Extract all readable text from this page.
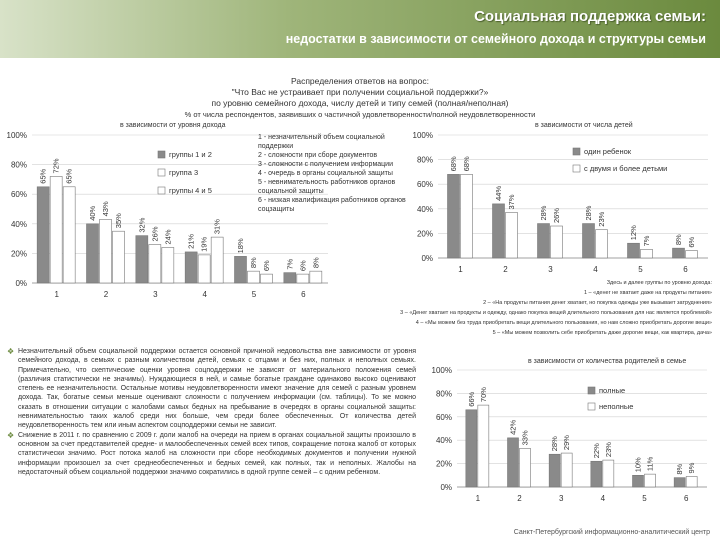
Социальная поддержка семьи:
недостатки в зависимости от семейного дохода и структуры семьи
Распределения ответов на вопрос:
"Что Вас не устраивает при получении социальной поддержки?»
по уровню семейного дохода, числу детей и типу семей (полная/неполная)
% от числа респондентов, заявивших о частичной удовлетворенности/полной неудовлетворенности
в зависимости от уровня дохода	в зависимости от числа детей
в зависимости от количества родителей в семье
0%
20%
40%
60%
80%
100%
65%
72%
65%
1
40% 43%
35%
2
32%
26% 24%
3
21% 19%
31%
4
18%
8% 6%
5
7% 6% 8%
6
группы 1 и 2
группа 3
группы 4 и 5
0%
20%
40%
60%
80%
100%
68% 68%
1
44%
37%
2
28% 26%
3
28% 23%
4
12%
7%
5
8% 6%
6
один ребенок
с двумя и более детьми
0%
20%
40%
60%
80%
100%
66% 70%
1
42%
33%
2
28% 29%
3
22% 23%
4
10% 11%
5
8% 9%
6
полные
неполные
1 - незначительный объем социальной поддержки
2 - сложности при сборе документов
3 - сложности с получением информации
4 - очередь в органы социальной защиты
5 - невнимательность работников органов социальной защиты
6 - низкая квалификация работников органов соцзащиты
Здесь и далее группы по уровню дохода:
1 – «денег не хватает даже на продукты питания»
2 – «На продукты питания денег хватает, но покупка одежды уже вызывает затруднения»
3 – «Денег хватает на продукты и одежду, однако покупка вещей длительного пользования для нас является проблемой»
4 – «Мы можем без труда приобретать вещи длительного пользования, но нам сложно приобретать дорогие вещи»
5 – «Мы можем позволить себе приобретать даже дорогие вещи, как квартира, дача»

❖ Незначительный объем социальной поддержки остается основной причиной недовольства вне зависимости от уровня семейного дохода, в семьях с разным количеством детей, семьях с отцами и без них, полных и неполных семьях. Примечательно, что скептические оценки уровня соцподдержки не зависят от материального положения семей (различия статистически не значимы). Нуждающиеся в ней, и самые богатые граждане одинаково высоко оценивают степень ее незначительности. Остальные мотивы неудовлетворенности имеют значение для семей с разным уровнем дохода. Так, богатые семьи меньше оценивают сложности с получением информации (см. таблицы). То же можно сказать в отношении ситуации с жалобами самых бедных на пребывание в очередях в органы социальной защиты: невнимательностью таких жалоб среди них больше, чем среди более обеспеченных. От количества детей неудовлетворенность тем или иным аспектом соцподдержки семьи не зависит.

❖ Снижение в 2011 г. по сравнению с 2009 г. доли жалоб на очереди на прием в органах социальной защиты произошло в основном за счет представителей средне- и малообеспеченных семей всех типов, сокращение потока жалоб от которых статистически значимо. Рост потока жалоб на сложности при сборе необходимых документов и получении нужной информации произошел за счет среднеобеспеченных и бедных семей, как полных, так и неполных. Жалобы на недостаточный объем социальной поддержки значимо сократились в одной группе семей – с одним ребенком.

Санкт-Петербургский информационно-аналитический центр
